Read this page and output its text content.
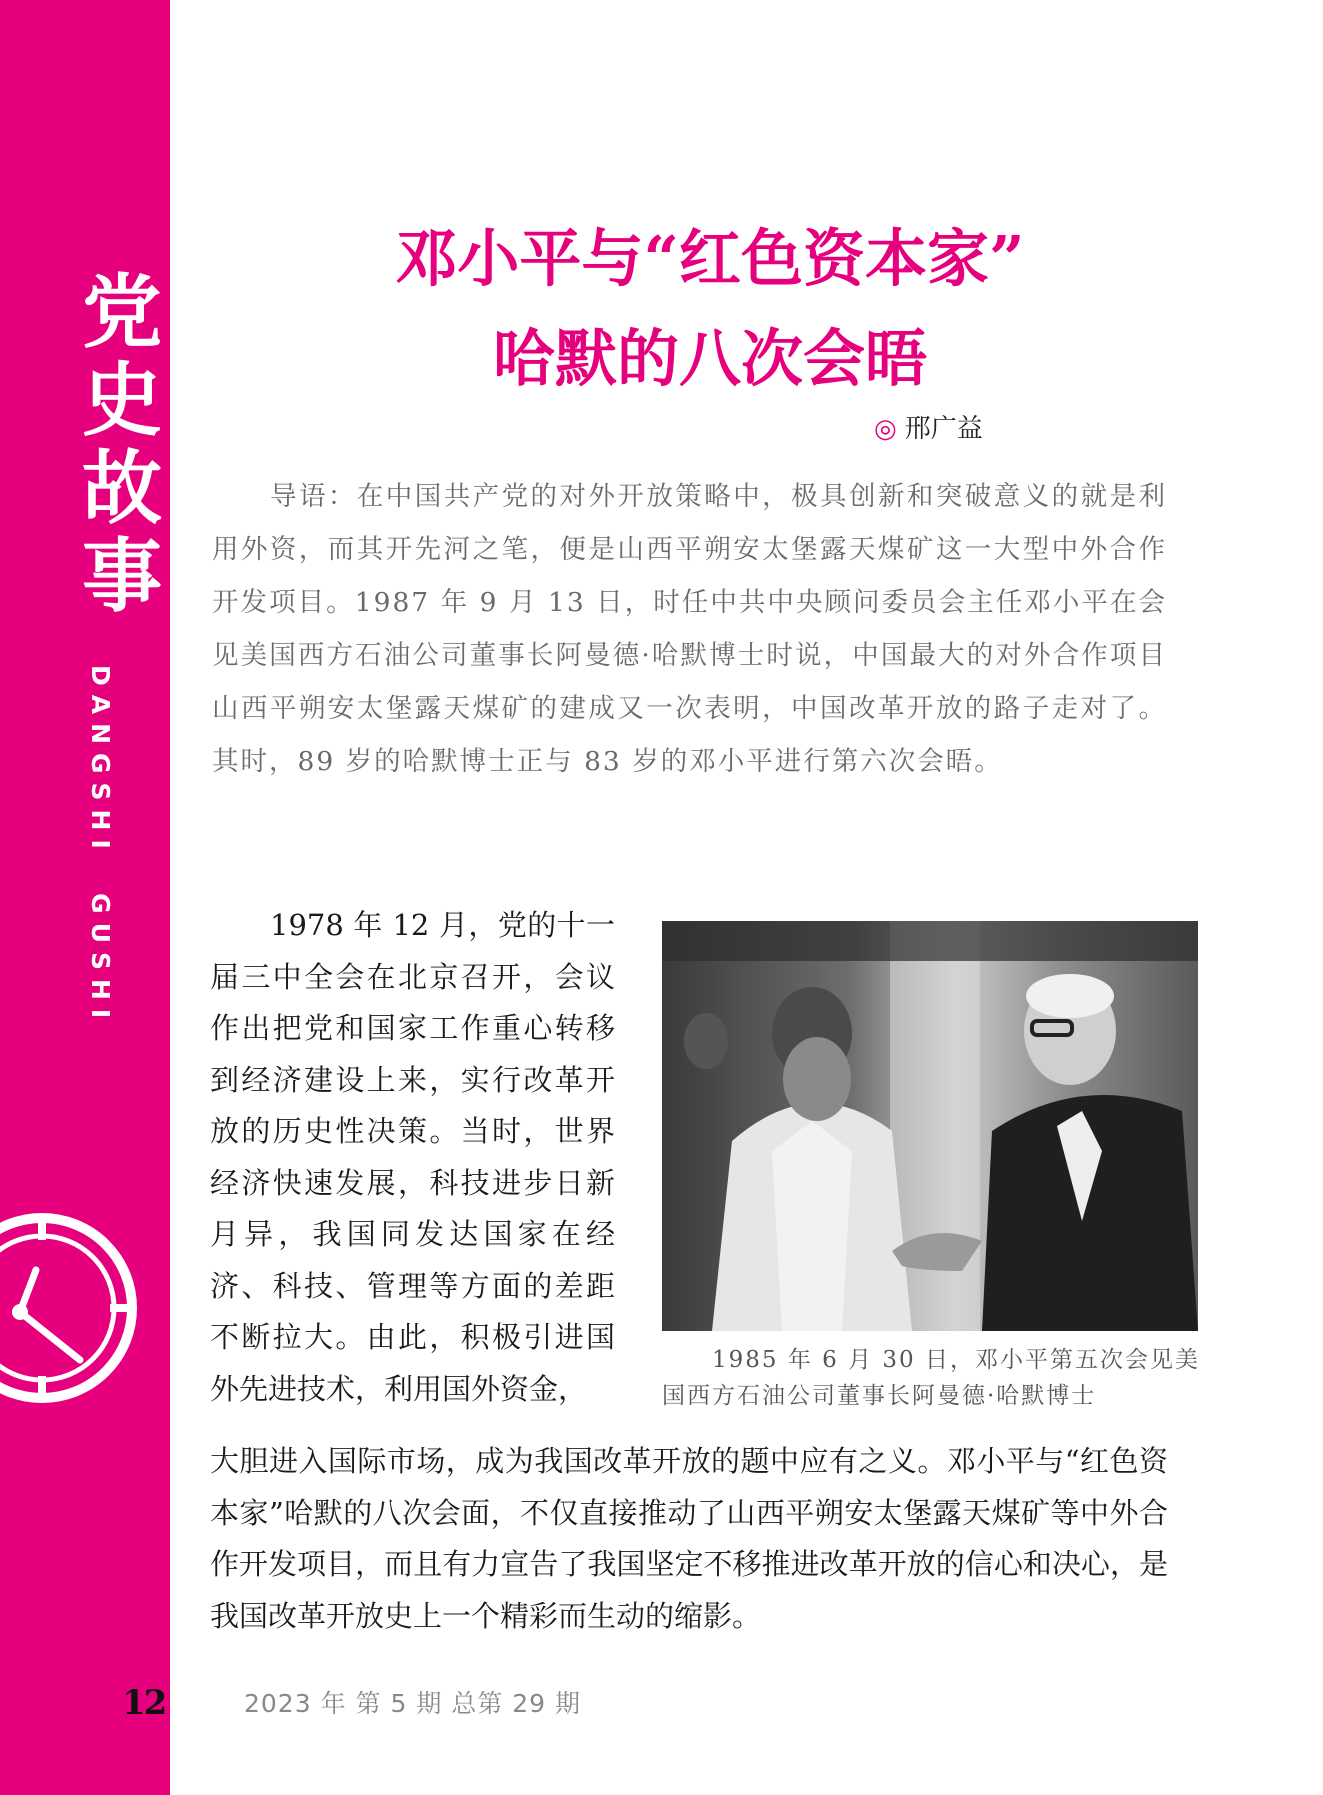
党
史
故
事
DANGSHI  GUSHI
12
邓小平与“红色资本家”
哈默的八次会晤
◎ 邢广益

导语：在中国共产党的对外开放策略中，极具创新和突破意义的就是利用外资，而其开先河之笔，便是山西平朔安太堡露天煤矿这一大型中外合作开发项目。1987 年 9 月 13 日，时任中共中央顾问委员会主任邓小平在会见美国西方石油公司董事长阿曼德·哈默博士时说，中国最大的对外合作项目山西平朔安太堡露天煤矿的建成又一次表明，中国改革开放的路子走对了。其时，89 岁的哈默博士正与 83 岁的邓小平进行第六次会晤。

1978 年 12 月，党的十一届三中全会在北京召开，会议作出把党和国家工作重心转移到经济建设上来，实行改革开放的历史性决策。当时，世界经济快速发展，科技进步日新月异，我国同发达国家在经济、科技、管理等方面的差距不断拉大。由此，积极引进国外先进技术，利用国外资金，

1985 年 6 月 30 日，邓小平第五次会见美国西方石油公司董事长阿曼德·哈默博士

大胆进入国际市场，成为我国改革开放的题中应有之义。邓小平与“红色资本家”哈默的八次会面，不仅直接推动了山西平朔安太堡露天煤矿等中外合作开发项目，而且有力宣告了我国坚定不移推进改革开放的信心和决心，是我国改革开放史上一个精彩而生动的缩影。

2023 年 第 5 期 总第 29 期
